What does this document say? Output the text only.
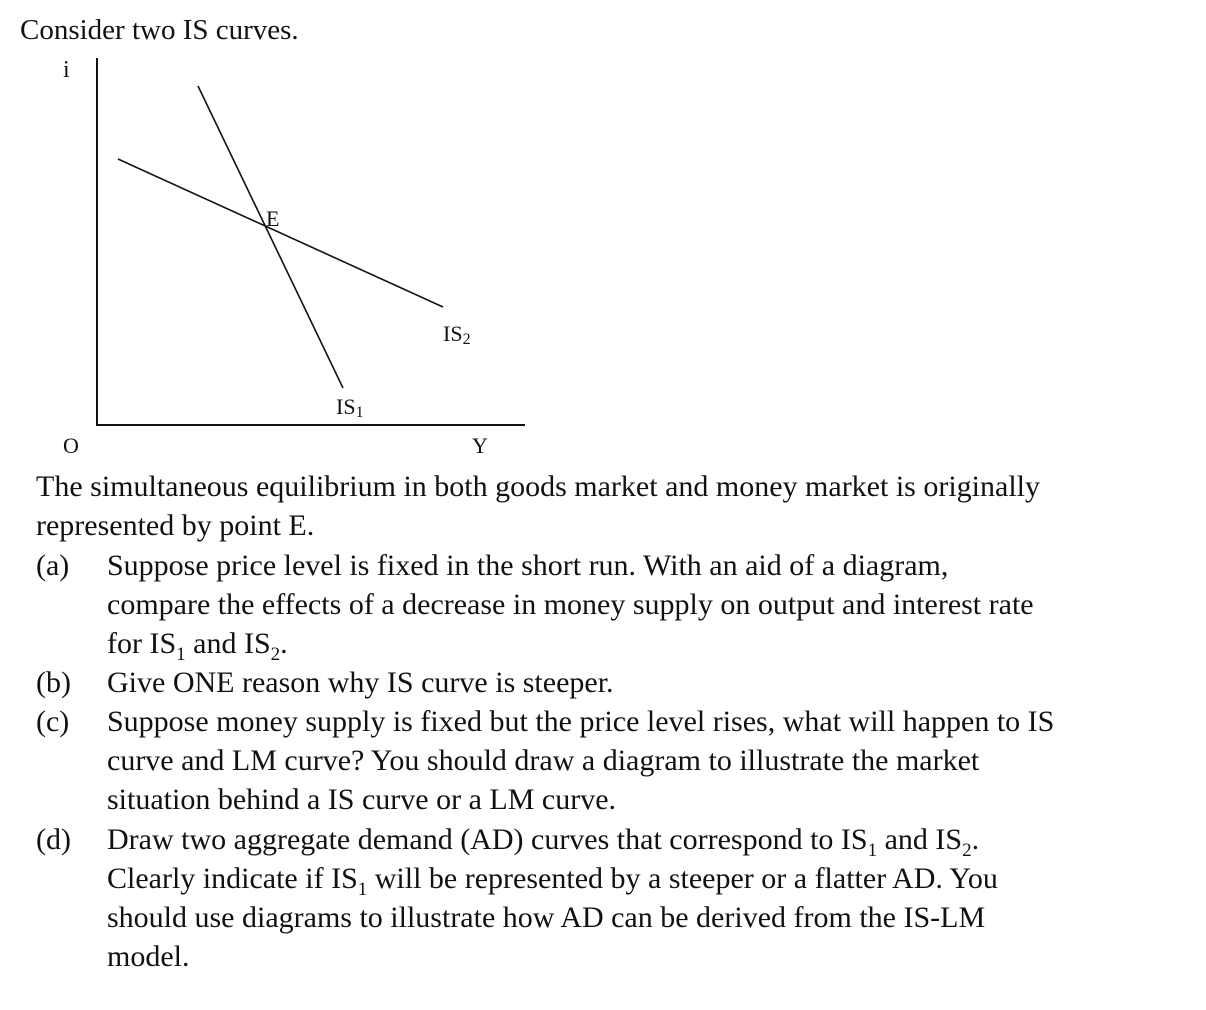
Consider two IS curves.

i
E
O	Y
IS2
IS1

The simultaneous equilibrium in both goods market and money market is originally
represented by point E.

(a) Suppose price level is fixed in the short run. With an aid of a diagram,
compare the effects of a decrease in money supply on output and interest rate
for $IS_1$ and $IS_2$.
(b) Give ONE reason why IS curve is steeper.
(c) Suppose money supply is fixed but the price level rises, what will happen to IS
curve and LM curve? You should draw a diagram to illustrate the market
situation behind a IS curve or a LM curve.
(d) Draw two aggregate demand (AD) curves that correspond to $IS_1$ and $IS_2$.
Clearly indicate if $IS_1$ will be represented by a steeper or a flatter AD. You
should use diagrams to illustrate how AD can be derived from the IS-LM
model.
